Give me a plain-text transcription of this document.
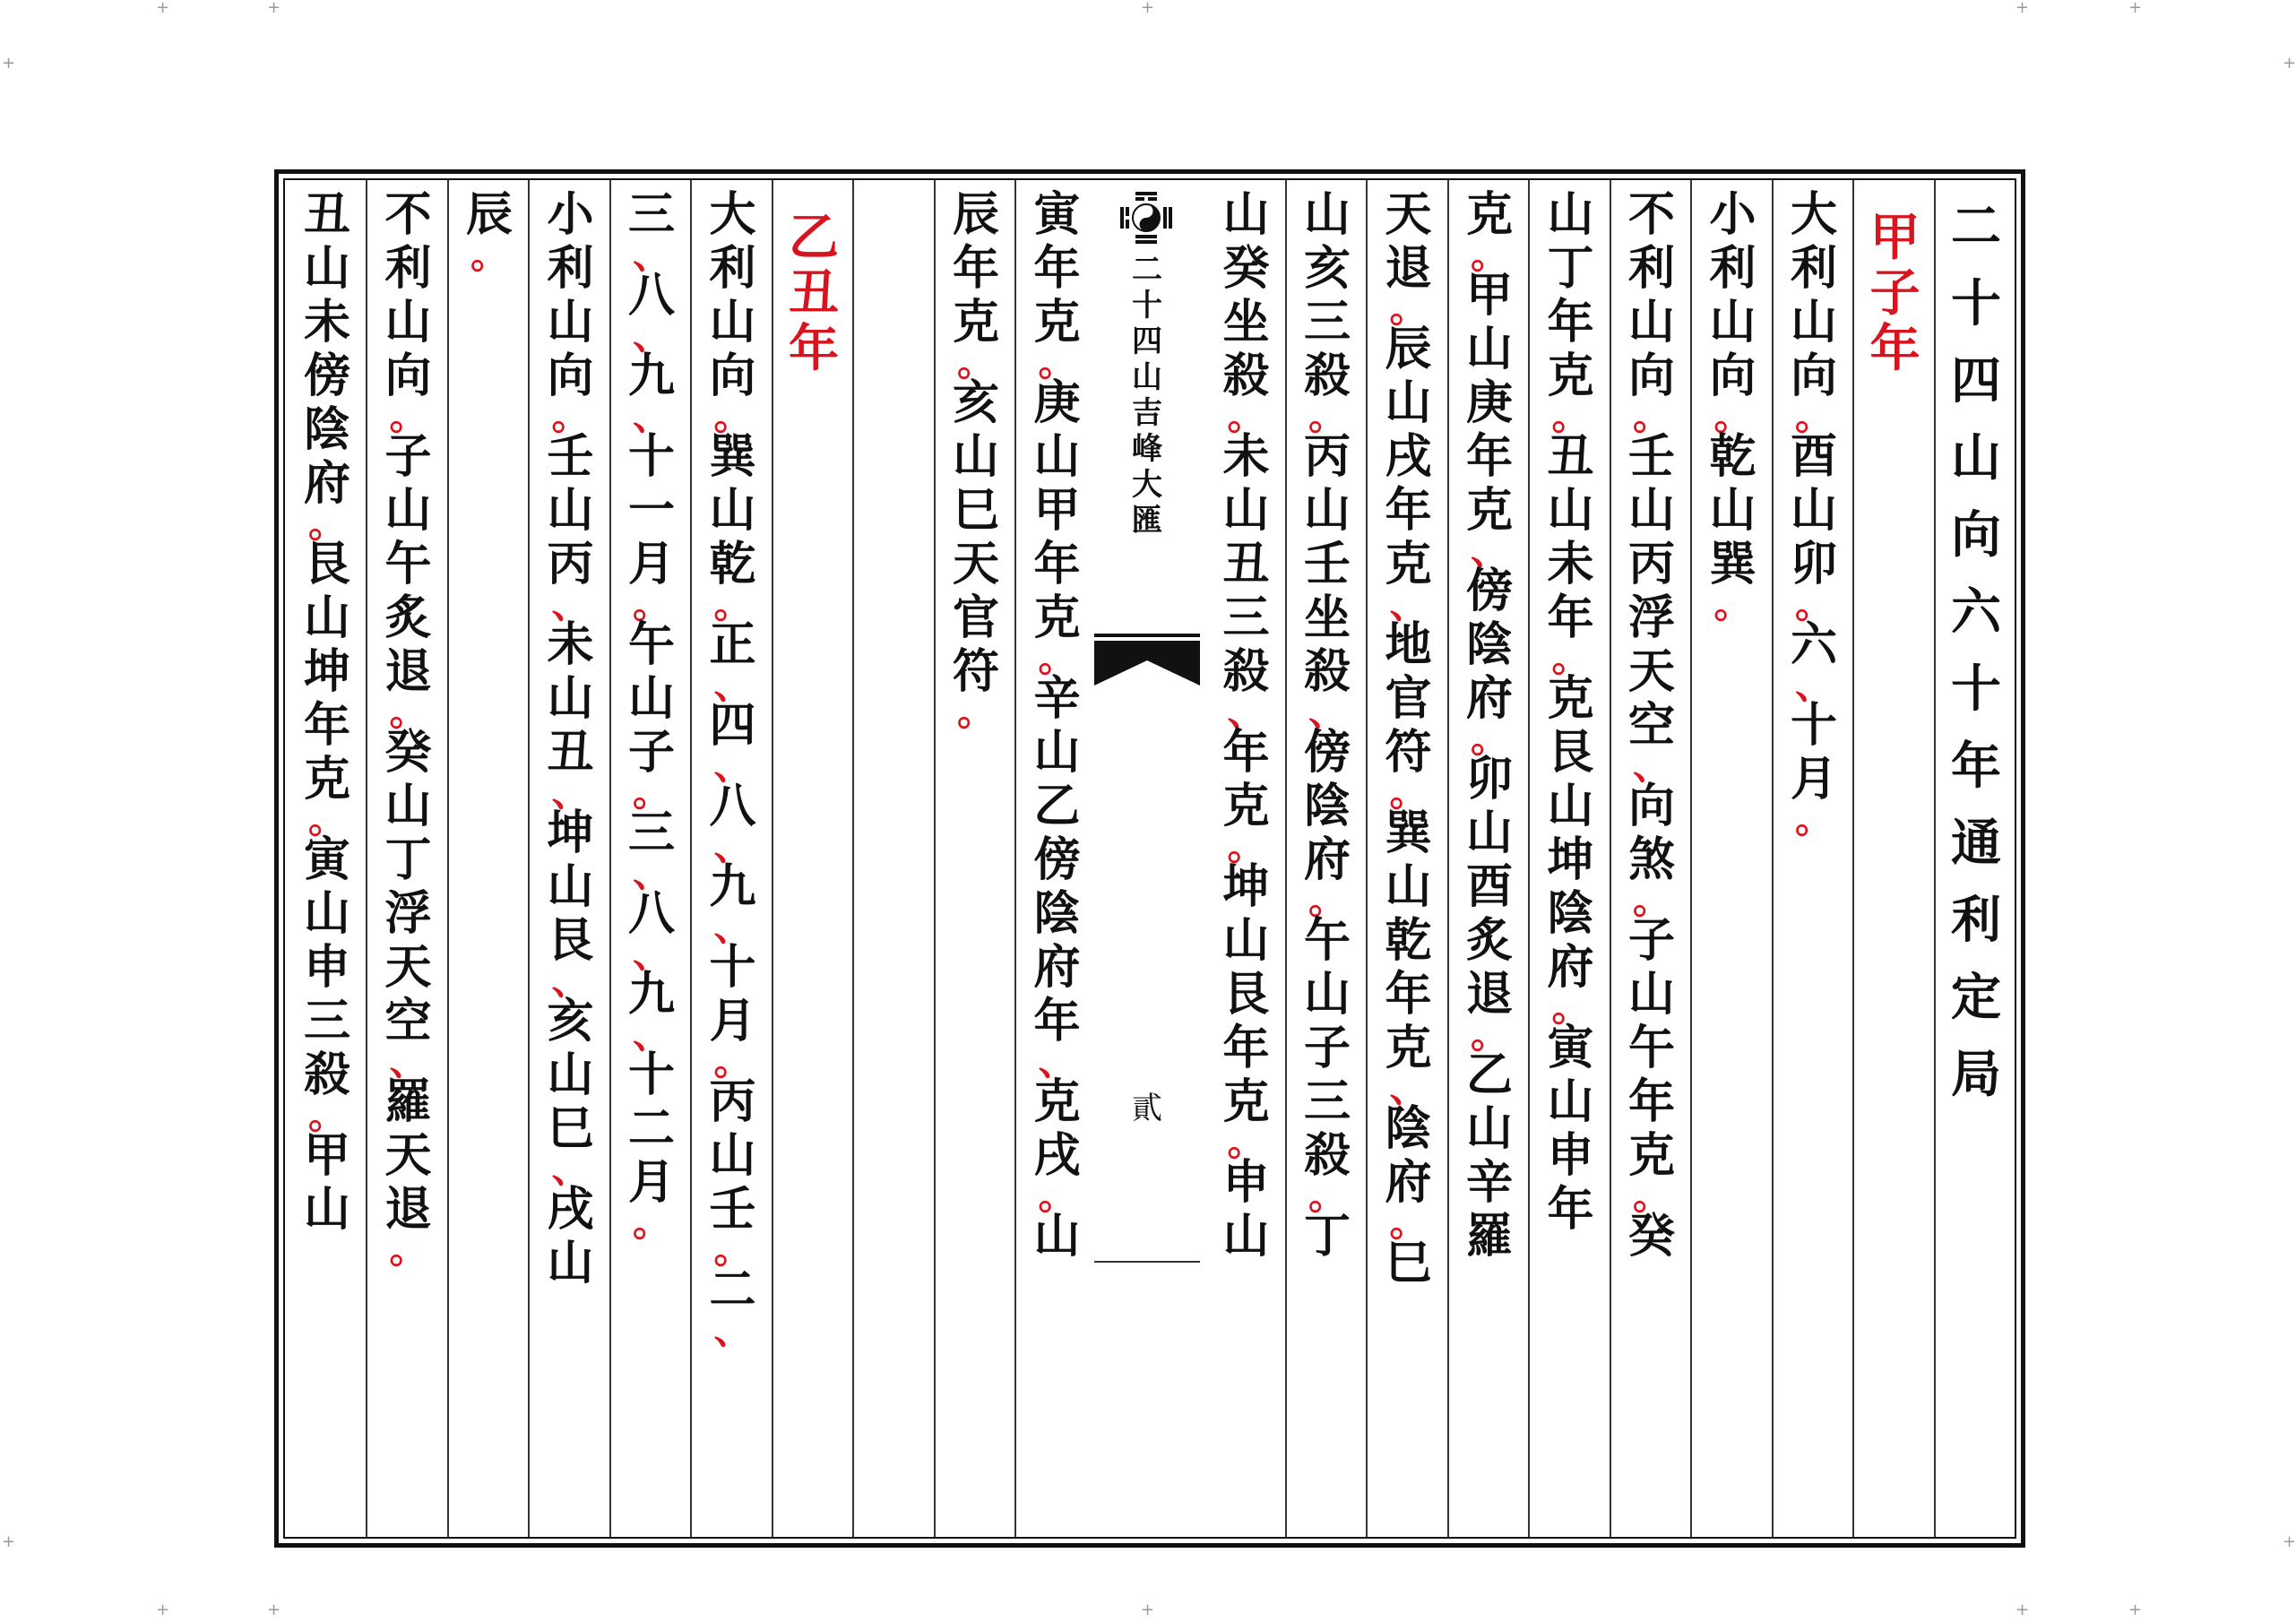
+	+	+	+	+
+	+
+	+
+	+	+	+	+
二
十
四
山
向
六
十
年
通
利
定
局
甲
子
年
大
利
山
向
。
酉
山
卯
。
六
、
十
月
。
小
利
山
向
。
乾
山
巽
。
不
利
山
向
。
壬
山
丙
浮
天
空
、
向
煞
。
子
山
午
年
克
。
癸
山
丁
年
克
。
丑
山
未
年
。
克
艮
山
坤
陰
府
。
寅
山
申
年
克
。
甲
山
庚
年
克
、
傍
陰
府
。
卯
山
酉
炙
退
。
乙
山
辛
羅
天
退
。
辰
山
戌
年
克
、
地
官
符
。
巽
山
乾
年
克
、
陰
府
。
巳
山
亥
三
殺
。
丙
山
壬
坐
殺
、
傍
陰
府
。
午
山
子
三
殺
。
丁
山
癸
坐
殺
。
未
山
丑
三
殺
、
年
克
。
坤
山
艮
年
克
。
申
山
寅
年
克
。
庚
山
甲
年
克
。
辛
山
乙
傍
陰
府
年
、
克
戌
。
山
辰
年
克
。
亥
山
巳
天
官
符
。
乙
丑
年
大
利
山
向
。
巽
山
乾
。
正
、
四
、
八
、
九
、
十
月
。
丙
山
壬
。
二
、
三
、
八
、
九
、
十
一
月
。
午
山
子
。
三
、
八
、
九
、
十
二
月
。
小
利
山
向
。
壬
山
丙
、
未
山
丑
、
坤
山
艮
、
亥
山
巳
、
戌
山
辰
。
不
利
山
向
。
子
山
午
炙
退
。
癸
山
丁
浮
天
空
、
羅
天
退
。
丑
山
未
傍
陰
府
。
艮
山
坤
年
克
。
寅
山
申
三
殺
。
甲
山
二
十
四
山
吉
峰
大
匯
貳
